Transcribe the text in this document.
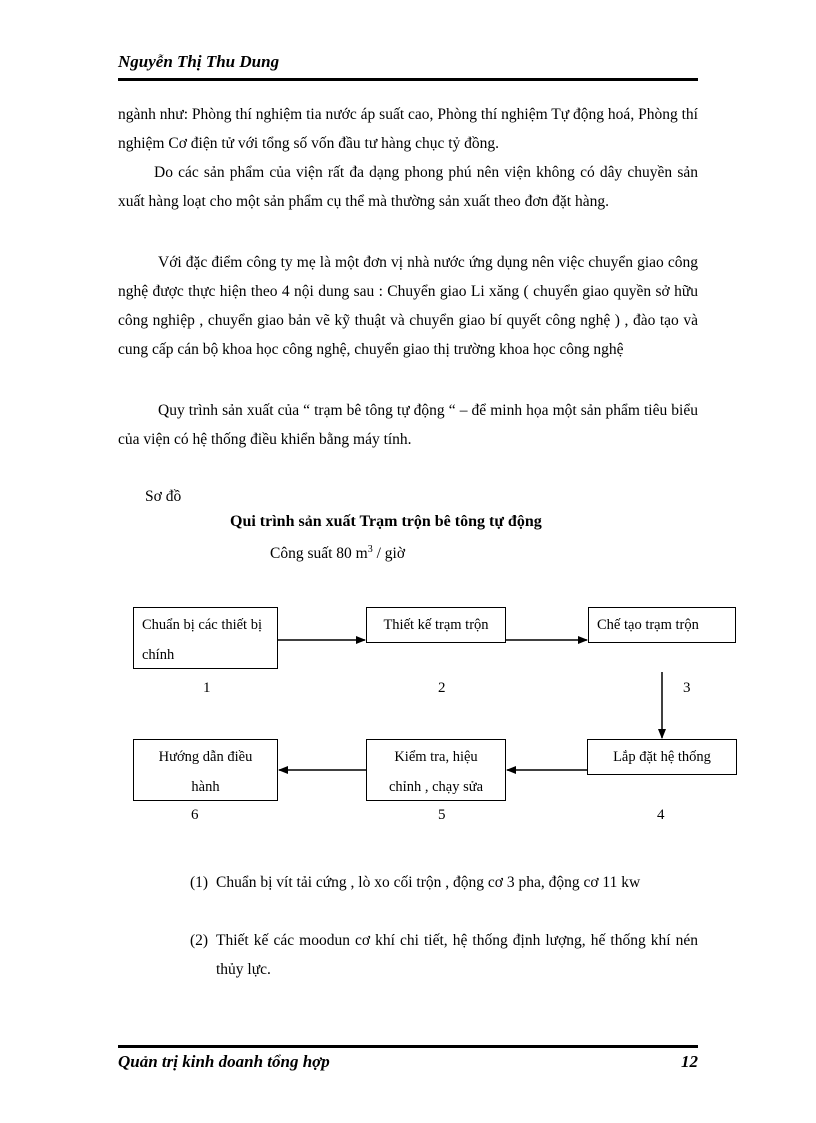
Nguyễn Thị Thu Dung

ngành như: Phòng thí nghiệm tia nước áp suất cao, Phòng thí nghiệm Tự động hoá, Phòng thí nghiệm Cơ điện tử với tổng số vốn đầu tư hàng chục tỷ đồng.

Do các sản phẩm của viện rất đa dạng phong phú nên viện không có dây chuyền sản xuất hàng loạt cho một sản phẩm cụ thể mà thường sản xuất theo đơn đặt hàng.

Với đặc điểm công ty mẹ là một đơn vị nhà nước ứng dụng nên việc chuyển giao công nghệ được thực hiện theo 4 nội dung sau : Chuyển giao Li xăng ( chuyển giao quyền sở hữu công nghiệp , chuyển giao bản vẽ kỹ thuật và chuyển giao bí quyết công nghệ ) , đào tạo và cung cấp cán bộ khoa học công nghệ, chuyển giao thị trường khoa học công nghệ

Quy trình sản xuất của “ trạm bê tông tự động “ – để minh họa một sản phẩm tiêu biểu của viện có hệ thống điều khiển bằng máy tính.

Sơ đồ
Qui trình sản xuất Trạm trộn bê tông tự động
Công suất 80 $m^3$ / giờ
Chuẩn bị các thiết bị chính
Thiết kế trạm trộn	Chế tạo trạm trộn
Lắp đặt hệ thống
Kiểm tra, hiệu chỉnh , chạy sửa
Hướng dẫn điều hành
1	2	3
4
5
6
(1) Chuẩn bị vít tải cứng , lò xo cối trộn , động cơ 3 pha, động cơ 11 kw
(2) Thiết kế các moodun cơ khí chi tiết, hệ thống định lượng, hế thống khí nén thủy lực.
Quản trị kinh doanh tổng hợp	12
